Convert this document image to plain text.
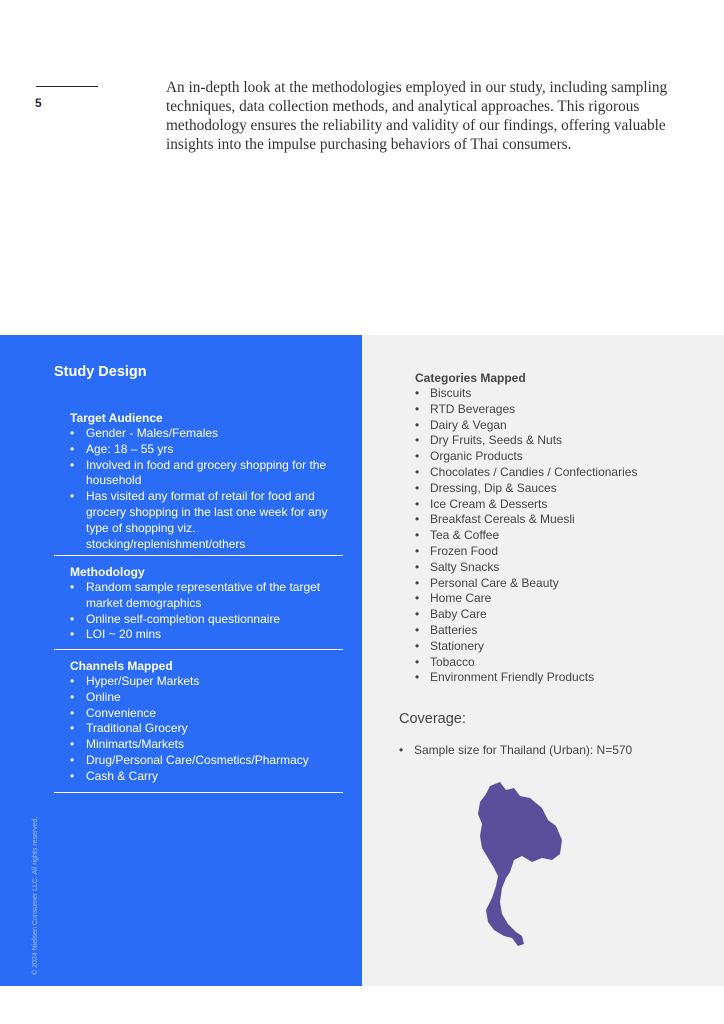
5

An in-depth look at the methodologies employed in our study, including sampling techniques, data collection methods, and analytical approaches. This rigorous methodology ensures the reliability and validity of our findings, offering valuable insights into the impulse purchasing behaviors of Thai consumers.

Study Design
Target Audience
• Gender - Males/Females
• Age: 18 – 55 yrs
• Involved in food and grocery shopping for the household
• Has visited any format of retail for food and grocery shopping in the last one week for any type of shopping viz. stocking/replenishment/others
Methodology
• Random sample representative of the target market demographics
• Online self-completion questionnaire
• LOI ~ 20 mins
Channels Mapped
• Hyper/Super Markets
• Online
• Convenience
• Traditional Grocery
• Minimarts/Markets
• Drug/Personal Care/Cosmetics/Pharmacy
• Cash & Carry
© 2024 Nielsen Consumer LLC. All rights reserved.
Categories Mapped
• Biscuits
• RTD Beverages
• Dairy & Vegan
• Dry Fruits, Seeds & Nuts
• Organic Products
• Chocolates / Candies / Confectionaries
• Dressing, Dip & Sauces
• Ice Cream & Desserts
• Breakfast Cereals & Muesli
• Tea & Coffee
• Frozen Food
• Salty Snacks
• Personal Care & Beauty
• Home Care
• Baby Care
• Batteries
• Stationery
• Tobacco
• Environment Friendly Products
Coverage:
• Sample size for Thailand (Urban): N=570
